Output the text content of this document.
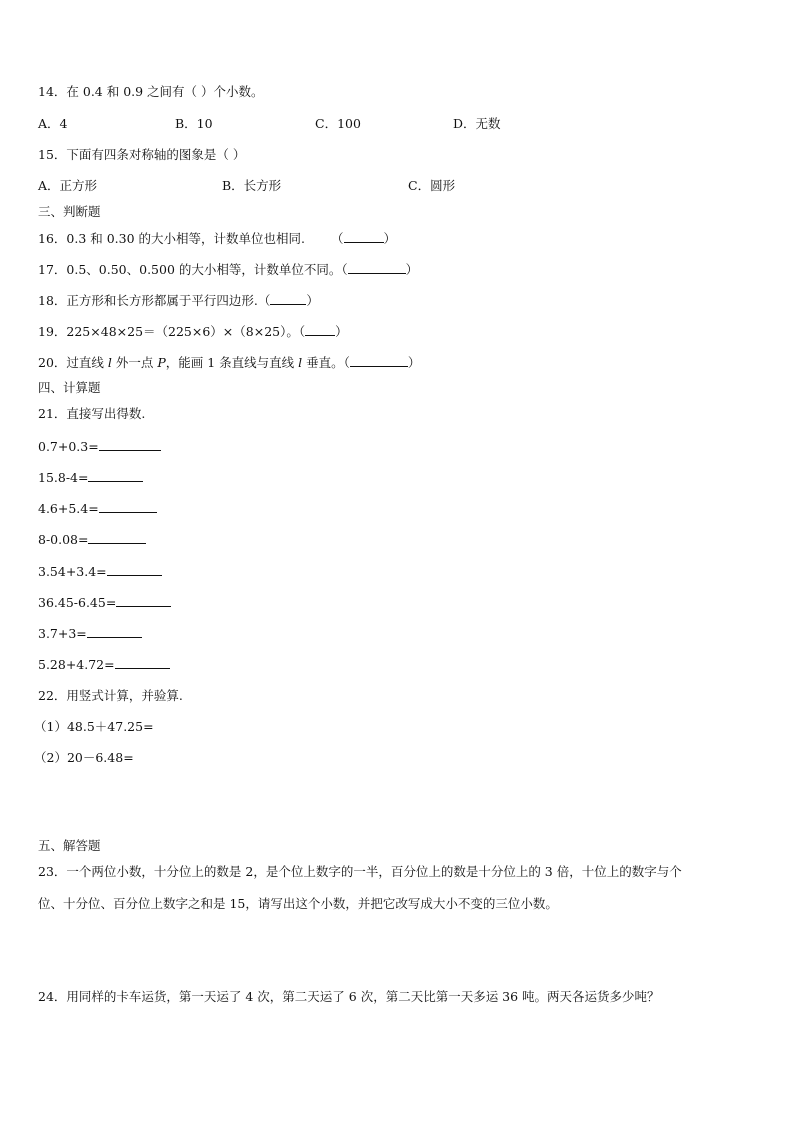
14．在 0.4 和 0.9 之间有（ ）个小数。
A．4	B．10	C．100	D．无数
15．下面有四条对称轴的图象是（ ）
A．正方形	B．长方形	C．圆形
三、判断题
16．0.3 和 0.30 的大小相等，计数单位也相同. （	）
17．0.5、0.50、0.500 的大小相等，计数单位不同。（	）
18．正方形和长方形都属于平行四边形.（	）
19．225×48×25＝（225×6）×（8×25）。（ ）
20．过直线 l 外一点 P，能画 1 条直线与直线 l 垂直。（	）
四、计算题
21．直接写出得数.
0.7+0.3=
15.8-4=
4.6+5.4=
8-0.08=
3.54+3.4=
36.45-6.45=
3.7+3=
5.28+4.72=
22．用竖式计算，并验算.
（1）48.5＋47.25=
（2）20－6.48=
五、解答题
23．一个两位小数，十分位上的数是 2，是个位上数字的一半，百分位上的数是十分位上的 3 倍，十位上的数字与个
位、十分位、百分位上数字之和是 15，请写出这个小数，并把它改写成大小不变的三位小数。
24．用同样的卡车运货，第一天运了 4 次，第二天运了 6 次，第二天比第一天多运 36 吨。两天各运货多少吨？
